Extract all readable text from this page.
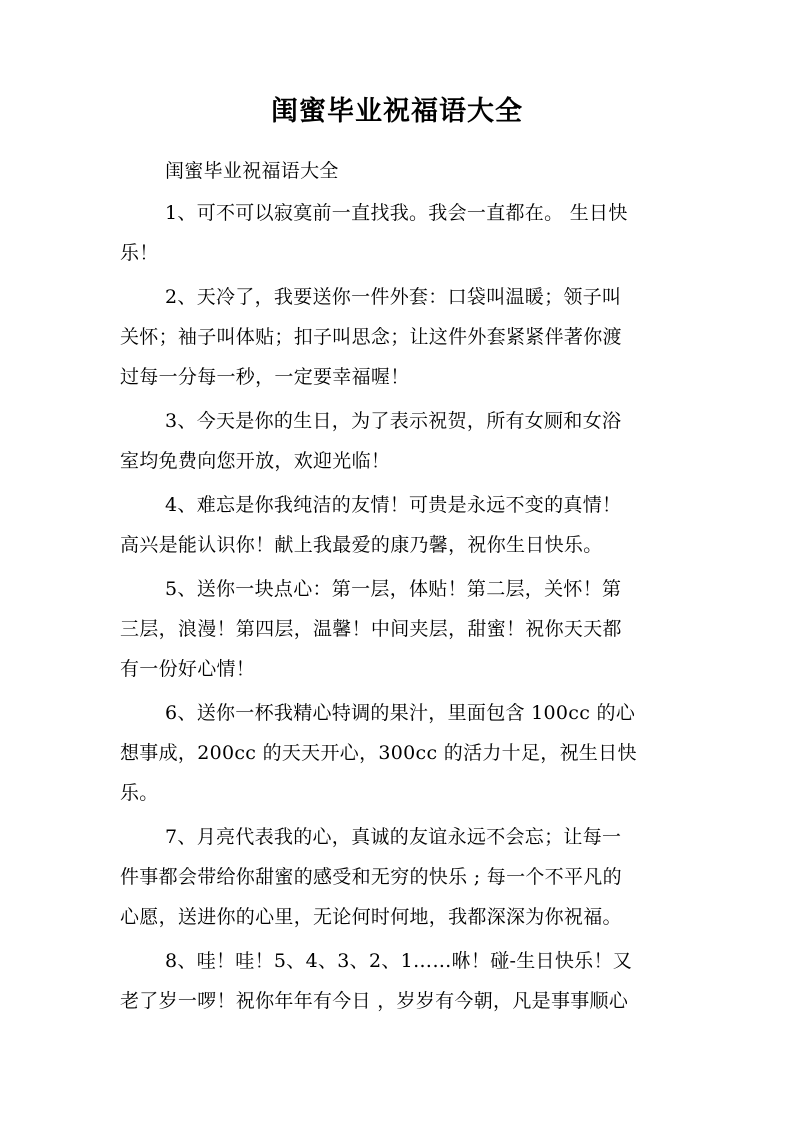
闺蜜毕业祝福语大全
闺蜜毕业祝福语大全
1、可不可以寂寞前一直找我。我会一直都在。 生日快
乐！
2、天冷了，我要送你一件外套：口袋叫温暖；领子叫
关怀；袖子叫体贴；扣子叫思念；让这件外套紧紧伴著你渡
过每一分每一秒，一定要幸福喔！
3、今天是你的生日，为了表示祝贺，所有女厕和女浴
室均免费向您开放，欢迎光临！
4、难忘是你我纯洁的友情！可贵是永远不变的真情！
高兴是能认识你！献上我最爱的康乃馨，祝你生日快乐。
5、送你一块点心：第一层，体贴！第二层，关怀！第
三层，浪漫！第四层，温馨！中间夹层，甜蜜！祝你天天都
有一份好心情！
6、送你一杯我精心特调的果汁，里面包含 100cc 的心
想事成，200cc 的天天开心，300cc 的活力十足，祝生日快
乐。
7、月亮代表我的心，真诚的友谊永远不会忘；让每一
件事都会带给你甜蜜的感受和无穷的快乐 ; 每一个不平凡的
心愿，送进你的心里，无论何时何地，我都深深为你祝福。
8、哇！哇！5、4、3、2、1……咻！碰-生日快乐！又
老了岁一啰！祝你年年有今日 ，岁岁有今朝，凡是事事顺心
